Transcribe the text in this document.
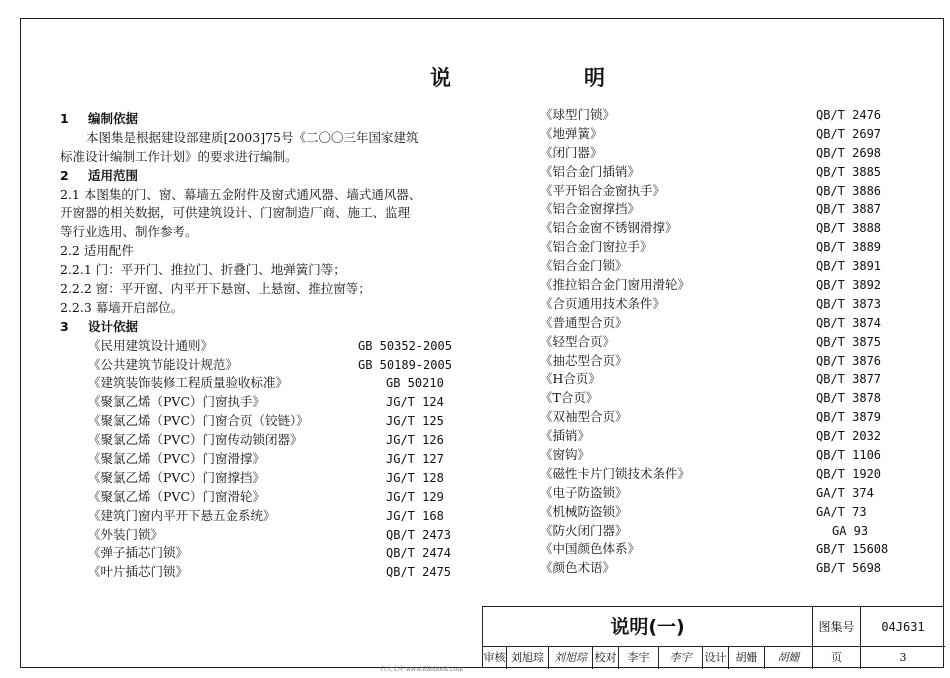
说　明
1 编制依据
本图集是根据建设部建质[2003]75号《二〇〇三年国家建筑
标准设计编制工作计划》的要求进行编制。
2 适用范围
2.1 本图集的门、窗、幕墙五金附件及窗式通风器、墙式通风器、
开窗器的相关数据，可供建筑设计、门窗制造厂商、施工、监理
等行业选用、制作参考。
2.2 适用配件
2.2.1 门：平开门、推拉门、折叠门、地弹簧门等；
2.2.2 窗：平开窗、内平开下悬窗、上悬窗、推拉窗等；
2.2.3 幕墙开启部位。
3 设计依据
《民用建筑设计通则》	GB 50352-2005
《公共建筑节能设计规范》	GB 50189-2005
《建筑装饰装修工程质量验收标准》	GB 50210
《聚氯乙烯（PVC）门窗执手》	JG/T 124
《聚氯乙烯（PVC）门窗合页（铰链）》	JG/T 125
《聚氯乙烯（PVC）门窗传动锁闭器》	JG/T 126
《聚氯乙烯（PVC）门窗滑撑》	JG/T 127
《聚氯乙烯（PVC）门窗撑挡》	JG/T 128
《聚氯乙烯（PVC）门窗滑轮》	JG/T 129
《建筑门窗内平开下悬五金系统》	JG/T 168
《外装门锁》	QB/T 2473
《弹子插芯门锁》	QB/T 2474
《叶片插芯门锁》	QB/T 2475
《球型门锁》	QB/T 2476
《地弹簧》	QB/T 2697
《闭门器》	QB/T 2698
《铝合金门插销》	QB/T 3885
《平开铝合金窗执手》	QB/T 3886
《铝合金窗撑挡》	QB/T 3887
《铝合金窗不锈钢滑撑》	QB/T 3888
《铝合金门窗拉手》	QB/T 3889
《铝合金门锁》	QB/T 3891
《推拉铝合金门窗用滑轮》	QB/T 3892
《合页通用技术条件》	QB/T 3873
《普通型合页》	QB/T 3874
《轻型合页》	QB/T 3875
《抽芯型合页》	QB/T 3876
《H合页》	QB/T 3877
《T合页》	QB/T 3878
《双袖型合页》	QB/T 3879
《插销》	QB/T 2032
《窗钩》	QB/T 1106
《磁性卡片门锁技术条件》	QB/T 1920
《电子防盗锁》	GA/T 374
《机械防盗锁》	GA/T 73
《防火闭门器》	GA 93
《中国颜色体系》	GB/T 15608
《颜色术语》	GB/T 5698
说明(一)	图集号	04J631
审核 刘旭琮 刘旭琮 校对	李宇	李宇	设计 胡姗	胡姗	页	3
石大文库 www.88ebook.com
